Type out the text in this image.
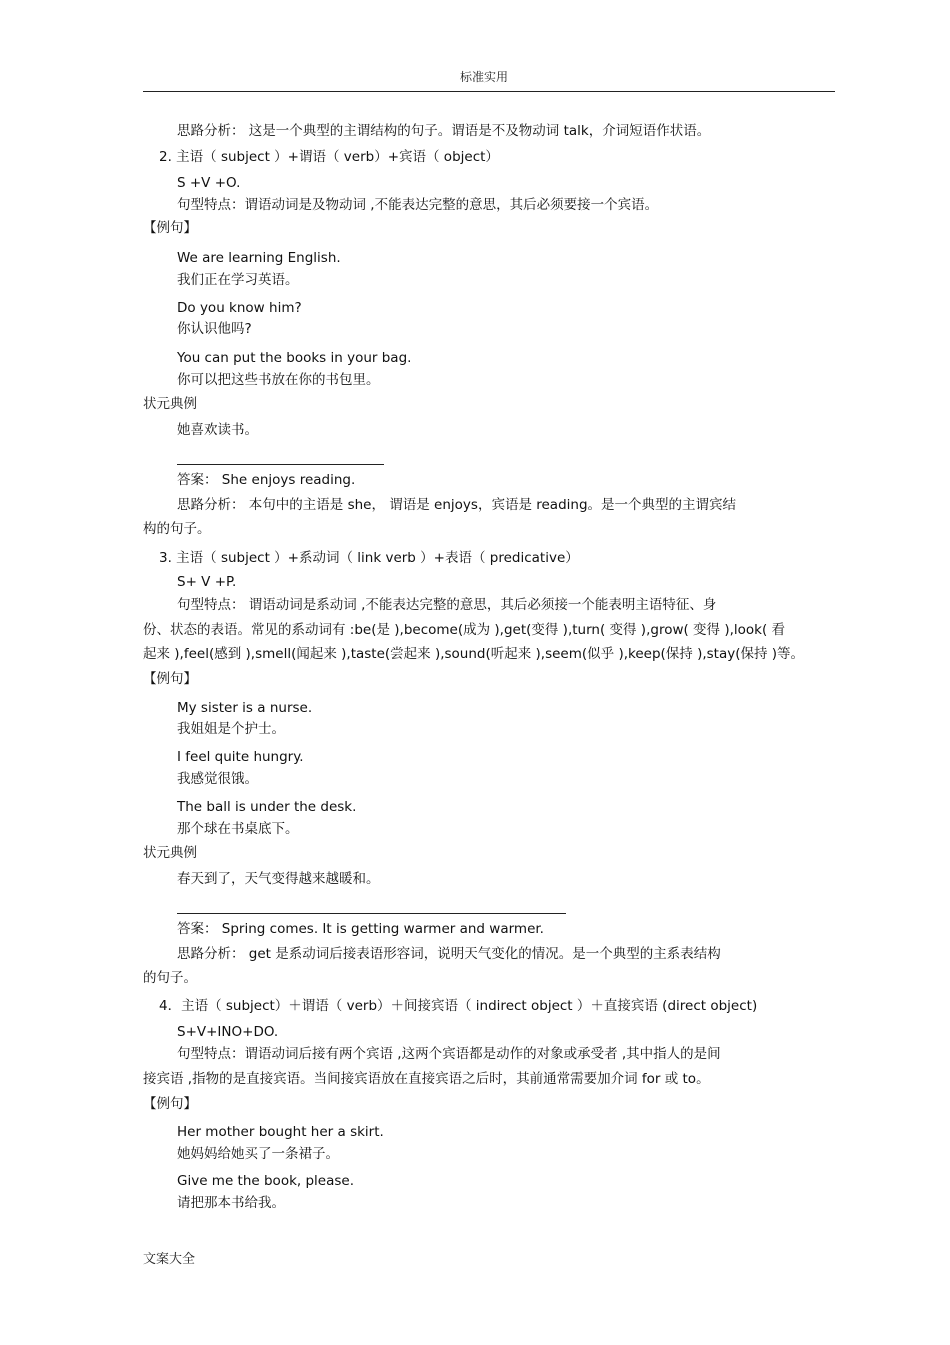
标准实用
思路分析： 这是一个典型的主谓结构的句子。谓语是不及物动词 talk，介词短语作状语。
2. 主语（ subject ）+谓语（ verb）+宾语（ object）
S +V +O.
句型特点：谓语动词是及物动词 ,不能表达完整的意思，其后必须要接一个宾语。
【例句】
We are learning English.
我们正在学习英语。
Do you know him?
你认识他吗?
You can put the books in your bag.
你可以把这些书放在你的书包里。
状元典例
她喜欢读书。
答案： She enjoys reading.
思路分析： 本句中的主语是 she， 谓语是 enjoys，宾语是 reading。是一个典型的主谓宾结
构的句子。
3. 主语（ subject ）+系动词（ link verb ）+表语（ predicative）
S+ V +P.
句型特点： 谓语动词是系动词 ,不能表达完整的意思，其后必须接一个能表明主语特征、身
份、状态的表语。常见的系动词有 :be(是 ),become(成为 ),get(变得 ),turn( 变得 ),grow( 变得 ),look( 看
起来 ),feel(感到 ),smell(闻起来 ),taste(尝起来 ),sound(听起来 ),seem(似乎 ),keep(保持 ),stay(保持 )等。
【例句】
My sister is a nurse.
我姐姐是个护士。
I feel quite hungry.
我感觉很饿。
The ball is under the desk.
那个球在书桌底下。
状元典例
春天到了，天气变得越来越暖和。
答案： Spring comes. It is getting warmer and warmer.
思路分析： get 是系动词后接表语形容词，说明天气变化的情况。是一个典型的主系表结构
的句子。
4．主语（ subject）＋谓语（ verb）＋间接宾语（ indirect object ）＋直接宾语 (direct object)
S+V+INO+DO.
句型特点：谓语动词后接有两个宾语 ,这两个宾语都是动作的对象或承受者 ,其中指人的是间
接宾语 ,指物的是直接宾语。当间接宾语放在直接宾语之后时，其前通常需要加介词 for 或 to。
【例句】
Her mother bought her a skirt.
她妈妈给她买了一条裙子。
Give me the book, please.
请把那本书给我。
文案大全
